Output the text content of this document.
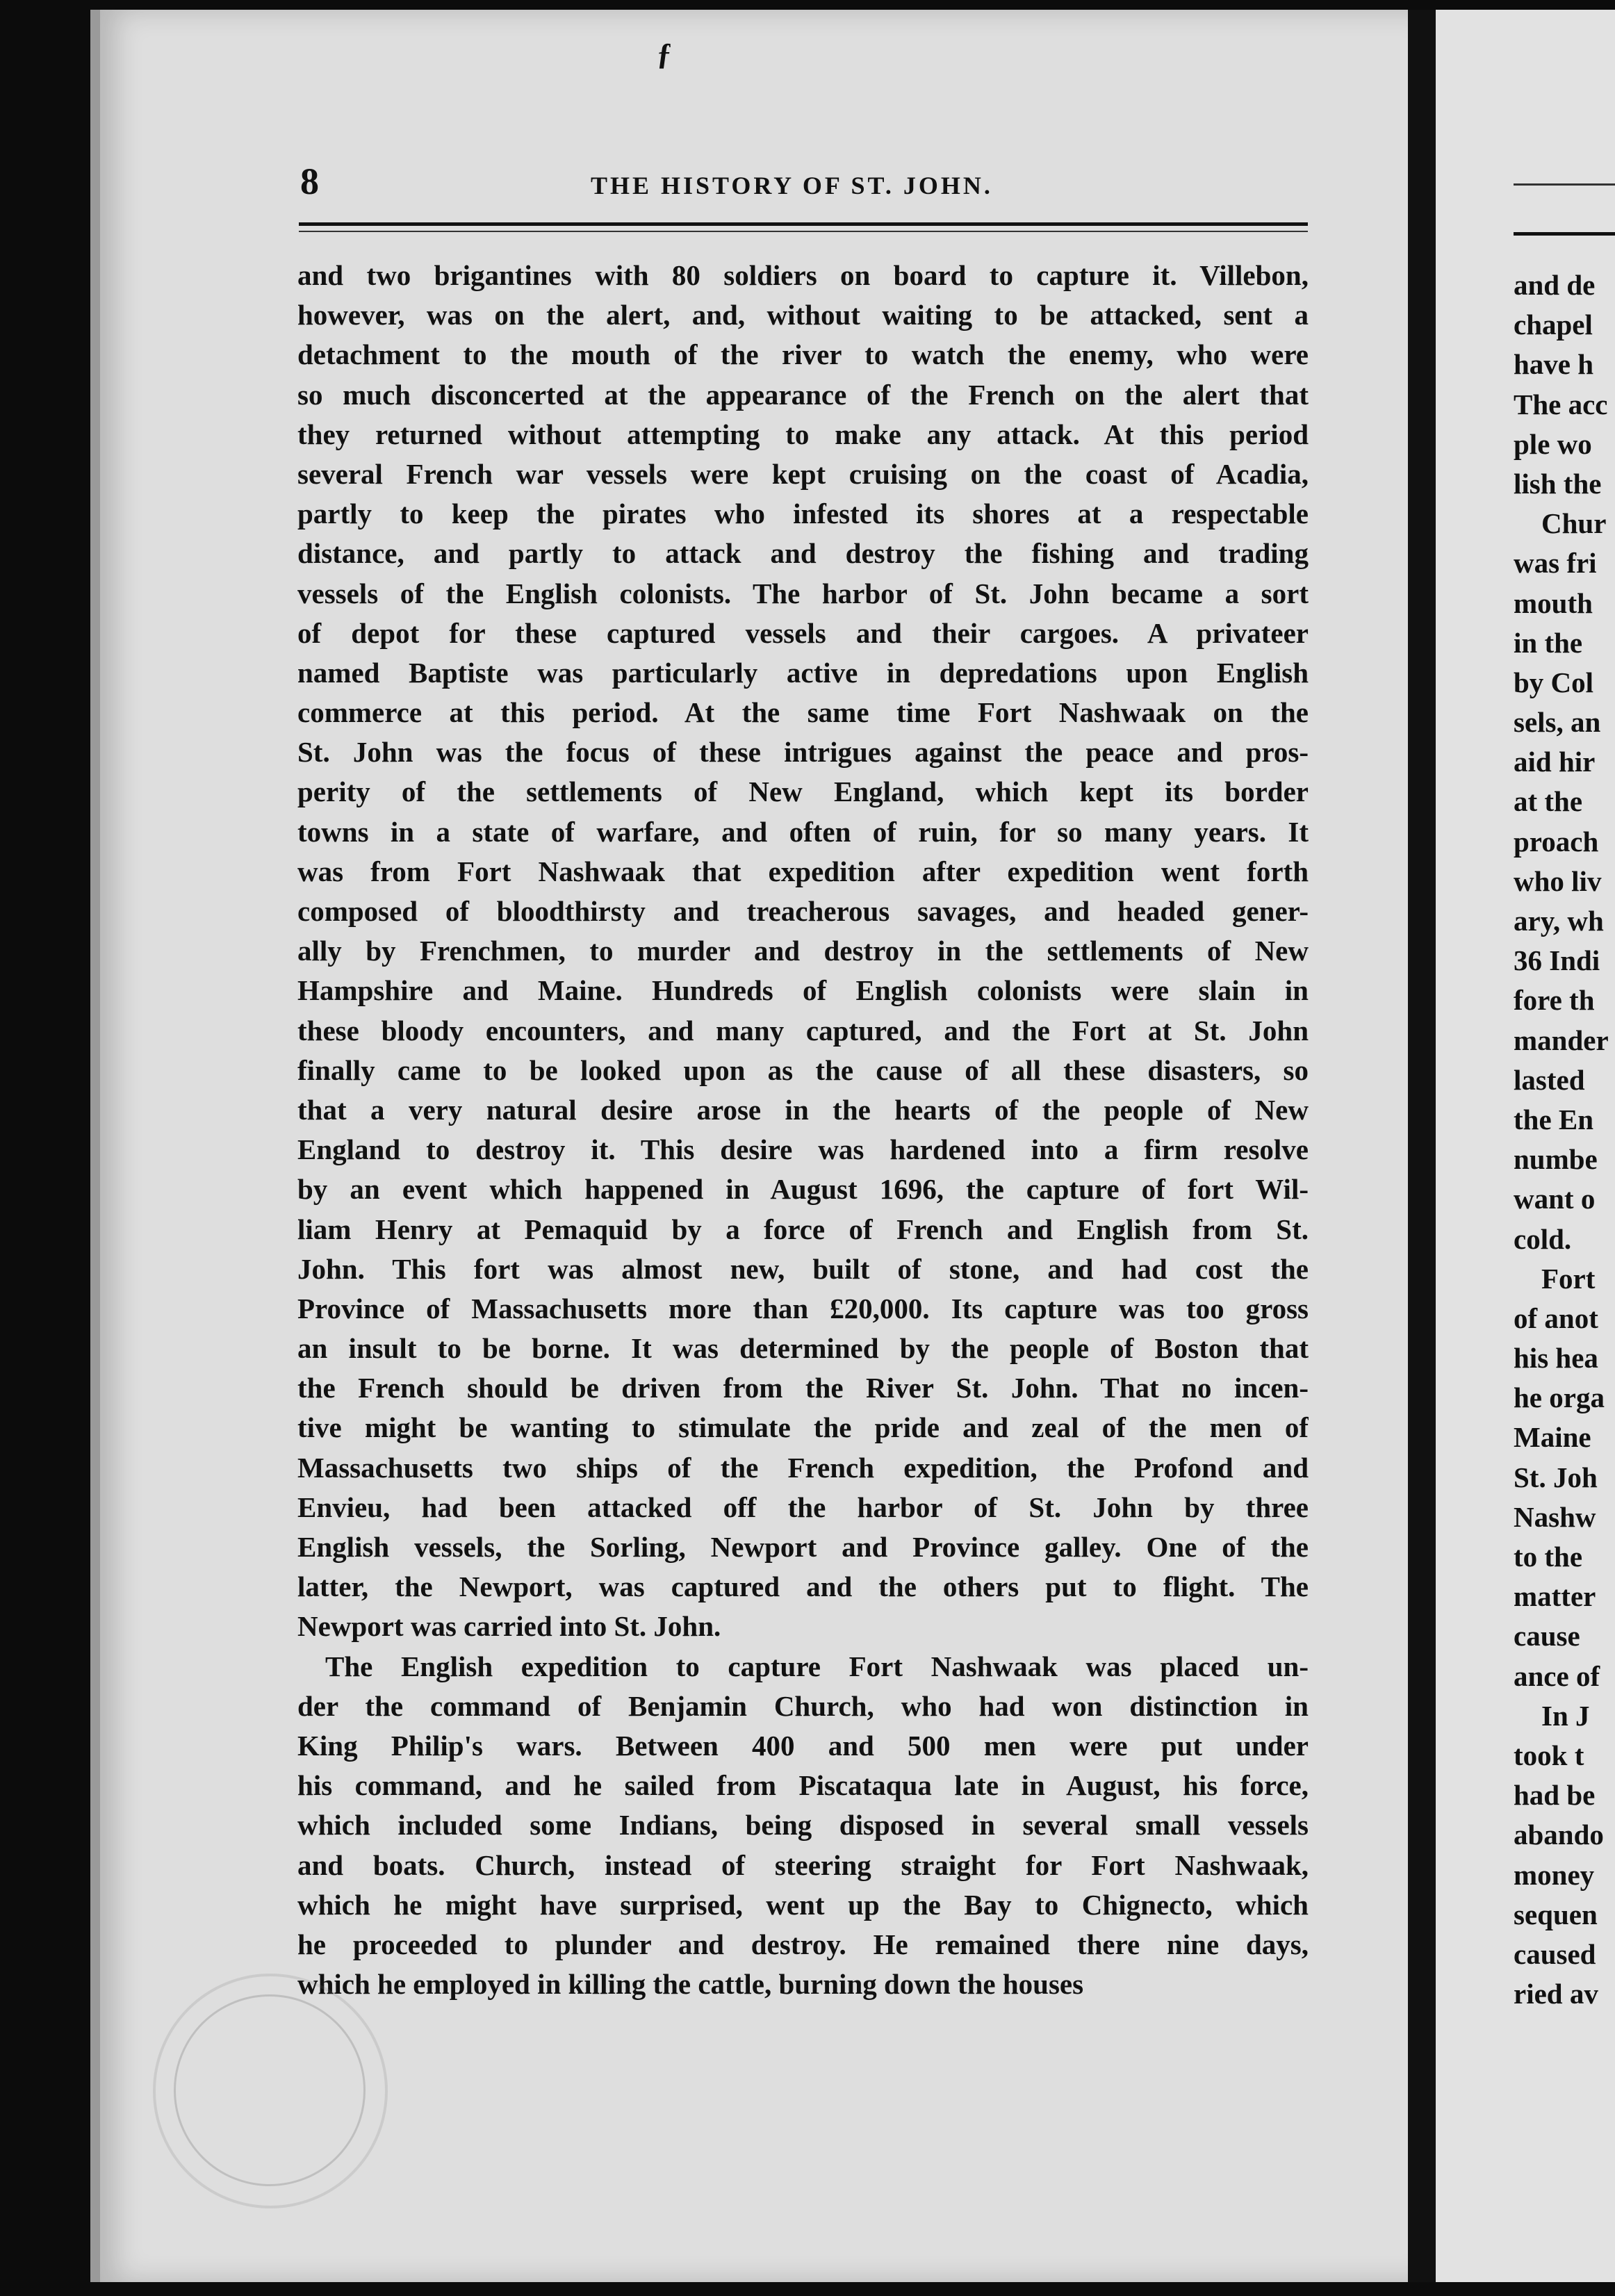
and de
chapel
have h
The acc
ple wo
lish the
Chur
was fri
mouth
in the
by Col
sels, an
aid hir
at the
proach
who liv
ary, wh
36 Indi
fore th
mander
lasted
the En
numbe
want o
cold.
Fort
of anot
his hea
he orga
Maine
St. Joh
Nashw
to the
matter
cause
ance of
In J
took t
had be
abando
money
sequen
caused
ried av
ƒ
8	THE HISTORY OF ST. JOHN.
and two brigantines with 80 soldiers on board to capture it. Villebon,
however, was on the alert, and, without waiting to be attacked, sent a
detachment to the mouth of the river to watch the enemy, who were
so much disconcerted at the appearance of the French on the alert that
they returned without attempting to make any attack. At this period
several French war vessels were kept cruising on the coast of Acadia,
partly to keep the pirates who infested its shores at a respectable
distance, and partly to attack and destroy the fishing and trading
vessels of the English colonists. The harbor of St. John became a sort
of depot for these captured vessels and their cargoes. A privateer
named Baptiste was particularly active in depredations upon English
commerce at this period. At the same time Fort Nashwaak on the
St. John was the focus of these intrigues against the peace and pros-
perity of the settlements of New England, which kept its border
towns in a state of warfare, and often of ruin, for so many years. It
was from Fort Nashwaak that expedition after expedition went forth
composed of bloodthirsty and treacherous savages, and headed gener-
ally by Frenchmen, to murder and destroy in the settlements of New
Hampshire and Maine. Hundreds of English colonists were slain in
these bloody encounters, and many captured, and the Fort at St. John
finally came to be looked upon as the cause of all these disasters, so
that a very natural desire arose in the hearts of the people of New
England to destroy it. This desire was hardened into a firm resolve
by an event which happened in August 1696, the capture of fort Wil-
liam Henry at Pemaquid by a force of French and English from St.
John. This fort was almost new, built of stone, and had cost the
Province of Massachusetts more than £20,000. Its capture was too gross
an insult to be borne. It was determined by the people of Boston that
the French should be driven from the River St. John. That no incen-
tive might be wanting to stimulate the pride and zeal of the men of
Massachusetts two ships of the French expedition, the Profond and
Envieu, had been attacked off the harbor of St. John by three
English vessels, the Sorling, Newport and Province galley. One of the
latter, the Newport, was captured and the others put to flight. The
Newport was carried into St. John.
The English expedition to capture Fort Nashwaak was placed un-
der the command of Benjamin Church, who had won distinction in
King Philip's wars. Between 400 and 500 men were put under
his command, and he sailed from Piscataqua late in August, his force,
which included some Indians, being disposed in several small vessels
and boats. Church, instead of steering straight for Fort Nashwaak,
which he might have surprised, went up the Bay to Chignecto, which
he proceeded to plunder and destroy. He remained there nine days,
which he employed in killing the cattle, burning down the houses
